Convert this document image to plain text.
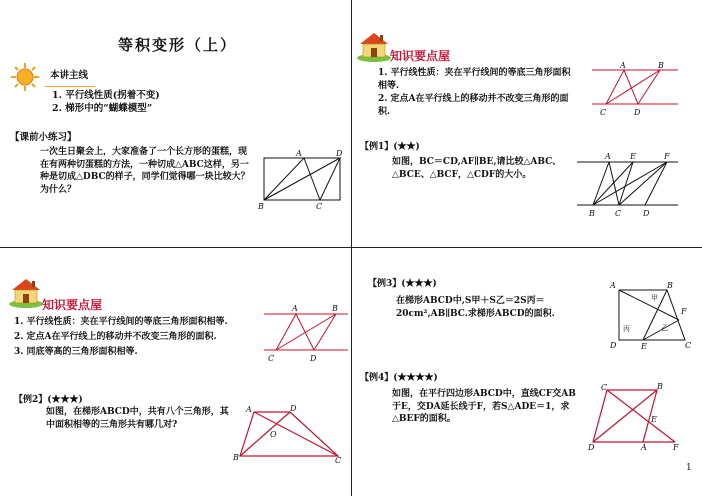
等积变形（上）
本讲主线
1. 平行线性质(拐着不变)
2. 梯形中的“蝴蝶模型”
【课前小练习】
一次生日聚会上，大家准备了一个长方形的蛋糕，现在有两种切蛋糕的方法，一种切成△ABC这样，另一种是切成△DBC的样子，同学们觉得哪一块比较大？为什么？
A	D
B	C
知识要点屋
1. 平行线性质：夹在平行线间的等底三角形面积相等.
2. 定点A在平行线上的移动并不改变三角形的面积.
A	B
C	D
【例1】(★★)
如图，BC＝CD,AF∥BE,请比较△ABC、△BCE、△BCF，△CDF的大小。
A E	F
B	C	D
知识要点屋
1. 平行线性质：夹在平行线间的等底三角形面积相等.
2. 定点A在平行线上的移动并不改变三角形的面积.
3. 同底等高的三角形面积相等.
A	B
C	D
【例2】(★★★)
如图，在梯形ABCD中，共有八个三角形，其中面积相等的三角形共有哪几对?
A	D
B	C
O
【例3】(★★★)
在梯形ABCD中,S甲＋S乙＝2S丙＝20cm²,AB∥BC.求梯形ABCD的面积.
A	B
F
C
D	E
甲
乙
丙
【例4】(★★★★)
如图，在平行四边形ABCD中，直线CF交AB于E，交DA延长线于F，若S△ADE＝1，求△BEF的面积。
C	B
E
D	A	F
1
